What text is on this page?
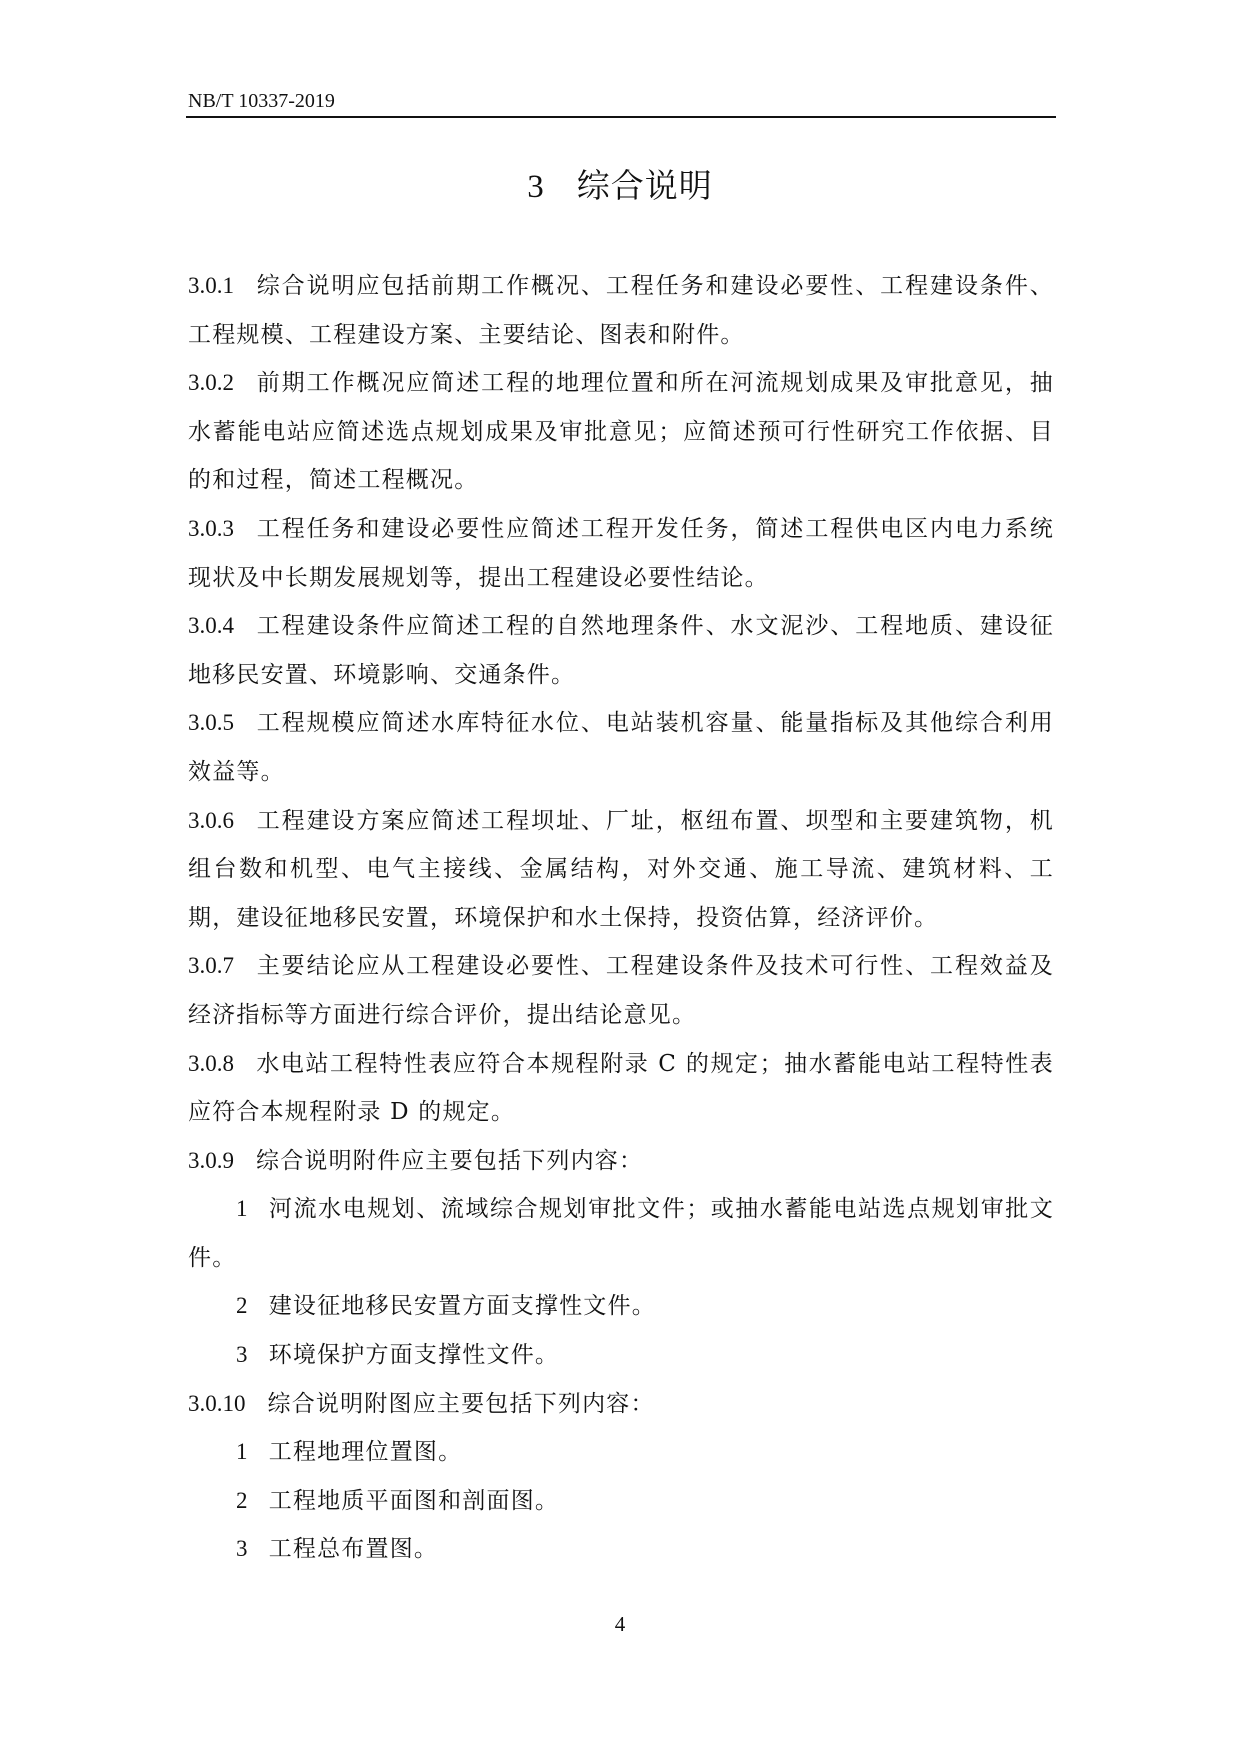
NB/T 10337-2019
3 综合说明

3.0.1 综合说明应包括前期工作概况、工程任务和建设必要性、工程建设条件、工程规模、工程建设方案、主要结论、图表和附件。

3.0.2 前期工作概况应简述工程的地理位置和所在河流规划成果及审批意见，抽水蓄能电站应简述选点规划成果及审批意见；应简述预可行性研究工作依据、目的和过程，简述工程概况。

3.0.3 工程任务和建设必要性应简述工程开发任务，简述工程供电区内电力系统现状及中长期发展规划等，提出工程建设必要性结论。

3.0.4 工程建设条件应简述工程的自然地理条件、水文泥沙、工程地质、建设征地移民安置、环境影响、交通条件。

3.0.5 工程规模应简述水库特征水位、电站装机容量、能量指标及其他综合利用效益等。

3.0.6 工程建设方案应简述工程坝址、厂址，枢纽布置、坝型和主要建筑物，机组台数和机型、电气主接线、金属结构，对外交通、施工导流、建筑材料、工期，建设征地移民安置，环境保护和水土保持，投资估算，经济评价。

3.0.7 主要结论应从工程建设必要性、工程建设条件及技术可行性、工程效益及经济指标等方面进行综合评价，提出结论意见。

3.0.8 水电站工程特性表应符合本规程附录 C 的规定；抽水蓄能电站工程特性表应符合本规程附录 D 的规定。

3.0.9 综合说明附件应主要包括下列内容：

1 河流水电规划、流域综合规划审批文件；或抽水蓄能电站选点规划审批文件。

2 建设征地移民安置方面支撑性文件。

3 环境保护方面支撑性文件。

3.0.10 综合说明附图应主要包括下列内容：

1 工程地理位置图。

2 工程地质平面图和剖面图。

3 工程总布置图。

4
